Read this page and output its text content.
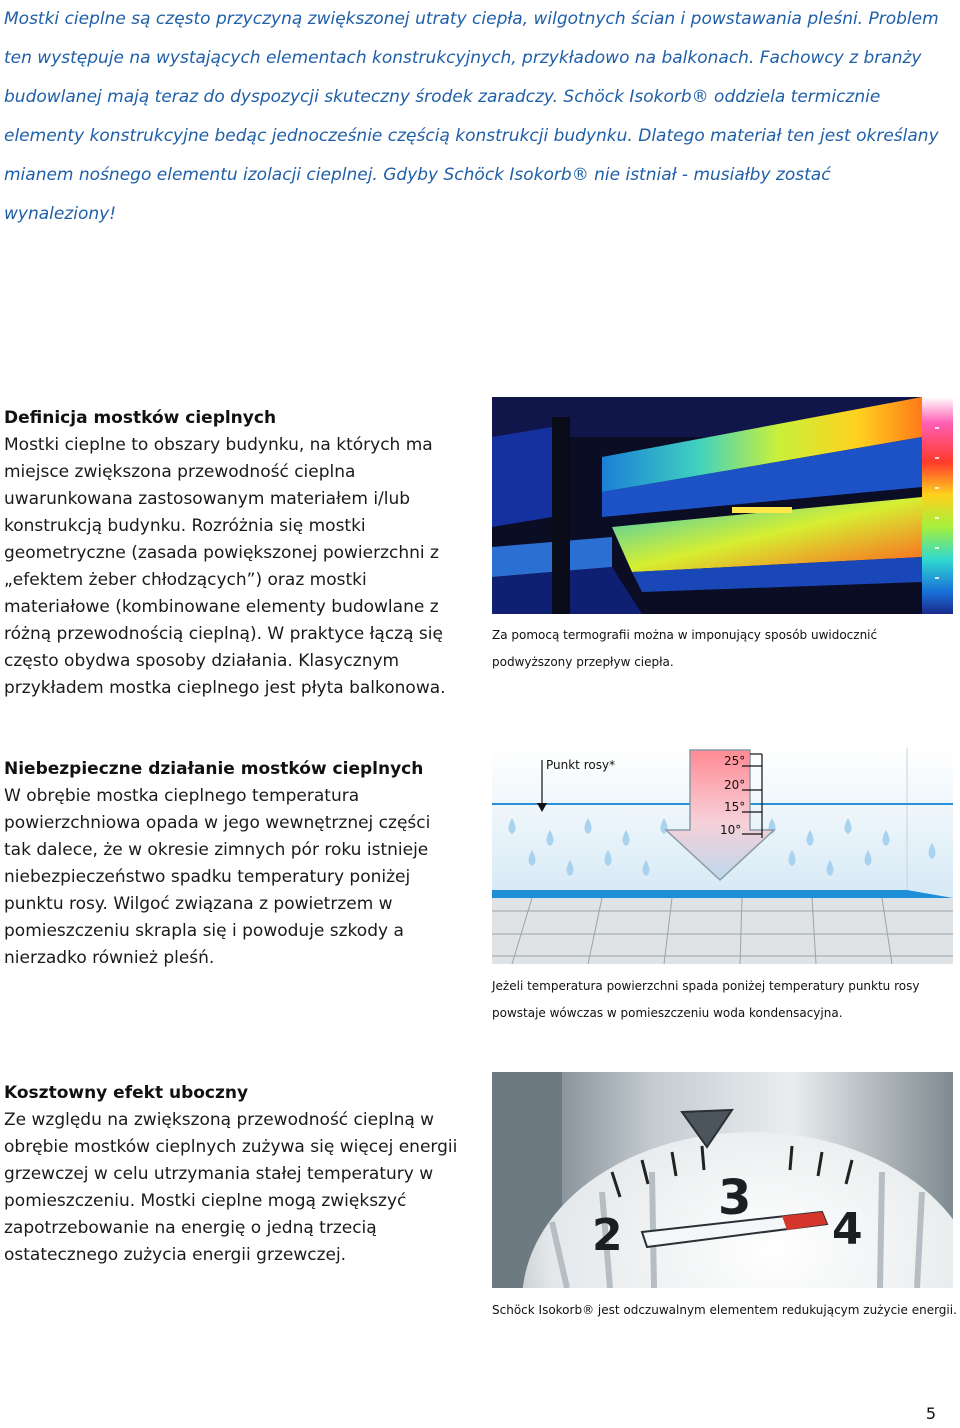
Mostki cieplne są często przyczyną zwiększonej utraty ciepła, wilgotnych ścian i powstawania pleśni. Problem ten występuje na wystających elementach konstrukcyjnych, przykładowo na balkonach. Fachowcy z branży budowlanej mają teraz do dyspozycji skuteczny środek zaradczy. Schöck Isokorb® oddziela termicznie elementy konstrukcyjne bedąc jednocześnie częścią konstrukcji budynku. Dlatego materiał ten jest określany mianem nośnego elementu izolacji cieplnej. Gdyby Schöck Isokorb® nie istniał - musiałby zostać wynaleziony!

Definicja mostków cieplnych

Mostki cieplne to obszary budynku, na których ma miejsce zwiększona przewodność cieplna uwarunkowana zastosowanym materiałem i/lub konstrukcją budynku. Rozróżnia się mostki geometryczne (zasada powiększonej powierzchni z „efektem żeber chłodzących”) oraz mostki materiałowe (kombinowane elementy budowlane z różną przewodnością cieplną). W praktyce łączą się często obydwa sposoby działania. Klasycznym przykładem mostka cieplnego jest płyta balkonowa.

Za pomocą termografii można w imponujący sposób uwidocznić podwyższony przepływ ciepła.

Niebezpieczne działanie mostków cieplnych

W obrębie mostka cieplnego temperatura powierzchniowa opada w jego wewnętrznej części tak dalece, że w okresie zimnych pór roku istnieje niebezpieczeństwo spadku temperatury poniżej punktu rosy. Wilgoć związana z powietrzem w pomieszczeniu skrapla się i powoduje szkody a nierzadko również pleśń.

Punkt rosy*	25°
20°
15°
10°

Jeżeli temperatura powierzchni spada poniżej temperatury punktu rosy powstaje wówczas w pomieszczeniu woda kondensacyjna.

Kosztowny efekt uboczny

Ze względu na zwiększoną przewodność cieplną w obrębie mostków cieplnych zużywa się więcej energii grzewczej w celu utrzymania stałej temperatury w pomieszczeniu. Mostki cieplne mogą zwiększyć zapotrzebowanie na energię o jedną trzecią ostatecznego zużycia energii grzewczej.	2
3
4

Schöck Isokorb® jest odczuwalnym elementem redukującym zużycie energii.

5
